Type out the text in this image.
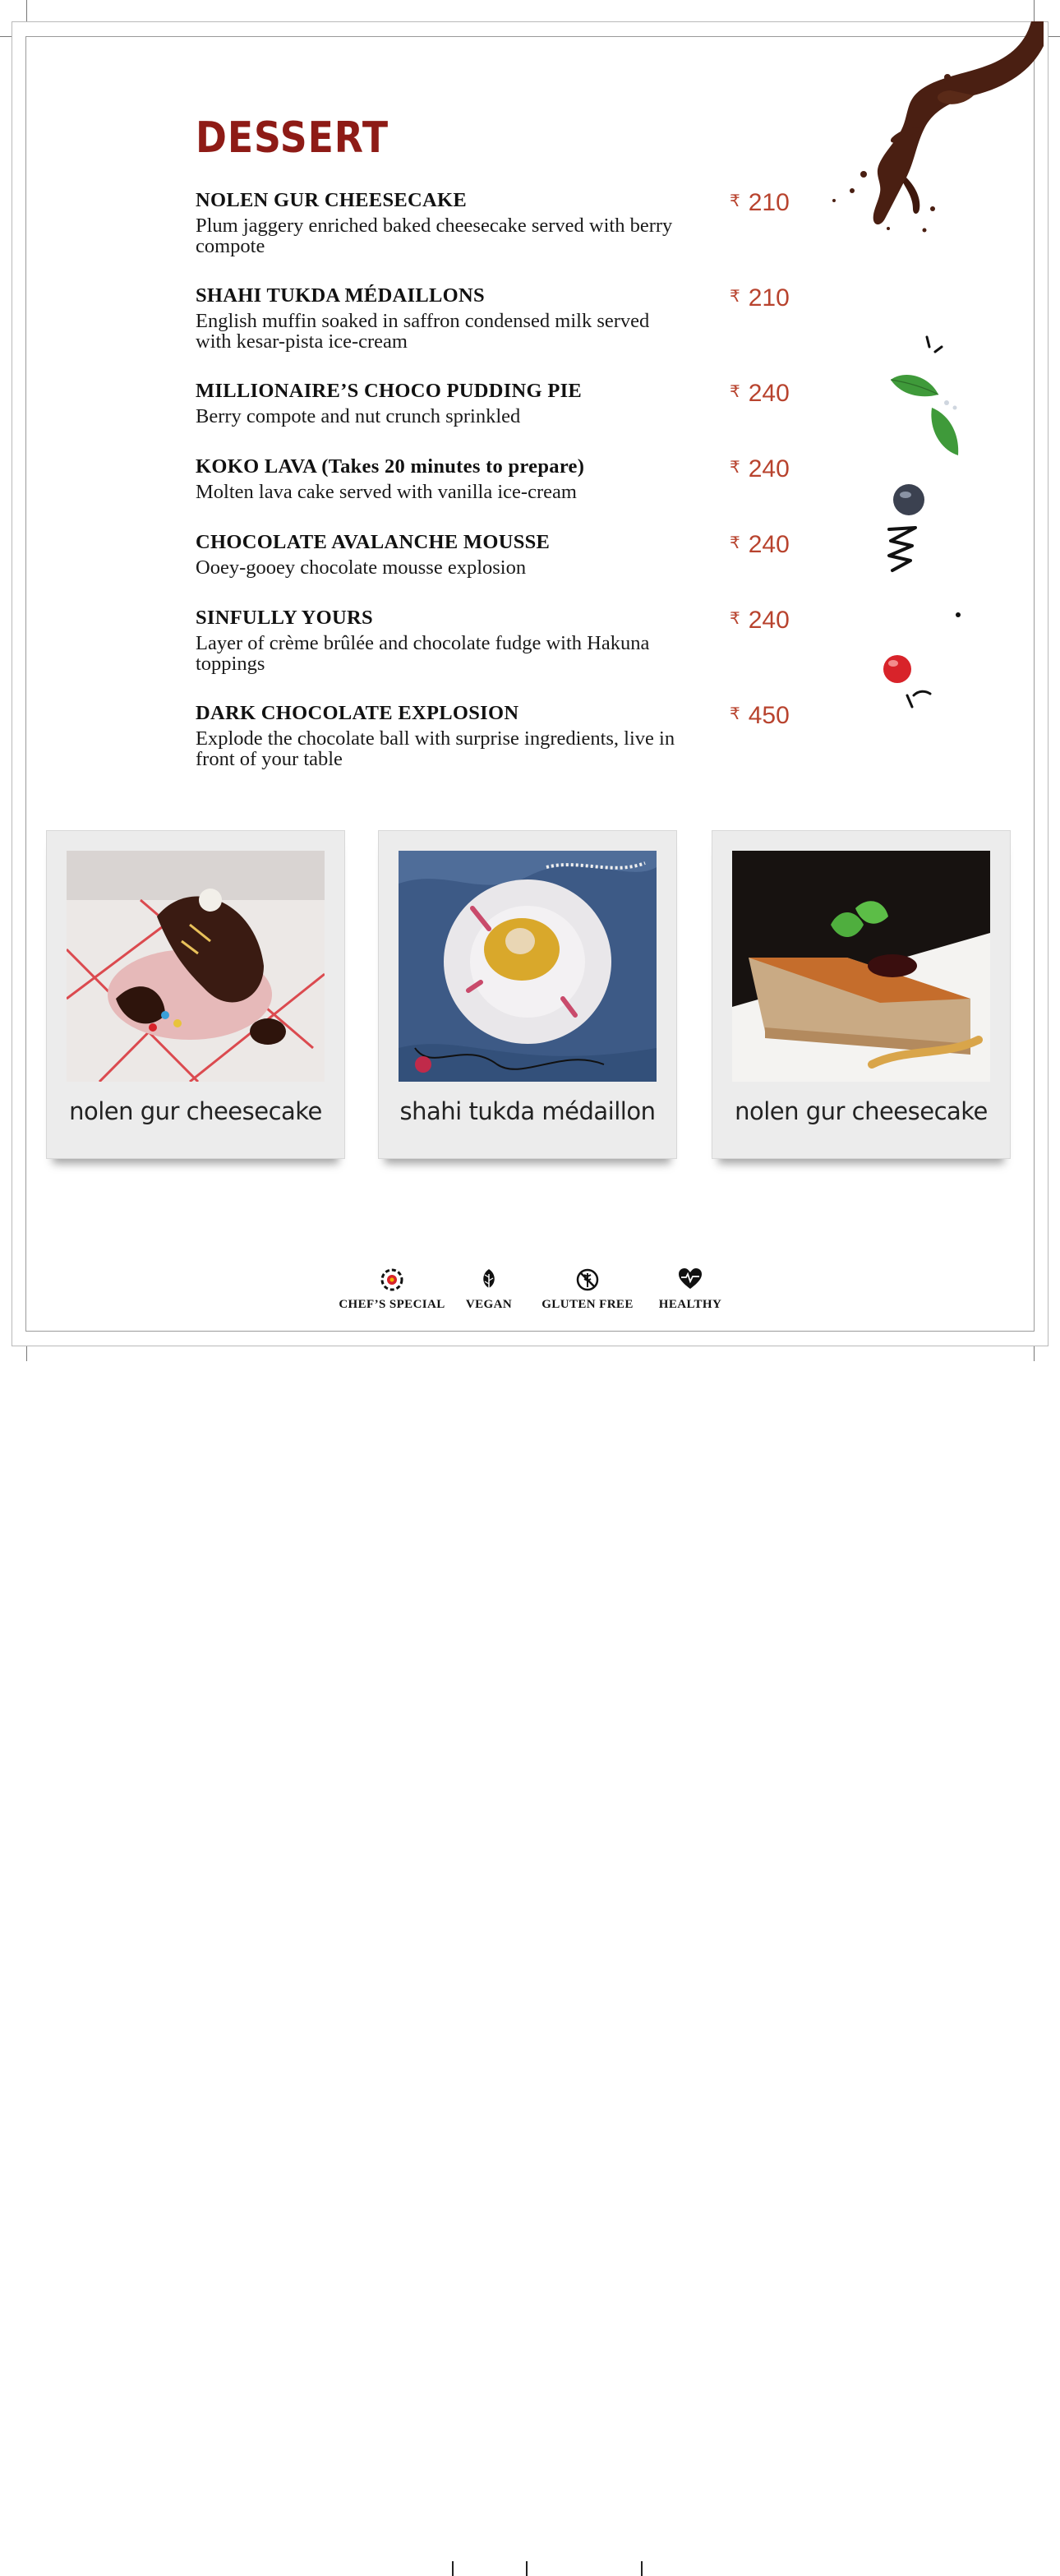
DESSERT

NOLEN GUR CHEESECAKE

Plum jaggery enriched baked cheesecake served with berry compote

₹ 210

SHAHI TUKDA MÉDAILLONS

English muffin soaked in saffron condensed milk served with kesar-pista ice-cream

₹ 210

MILLIONAIRE’S CHOCO PUDDING PIE

Berry compote and nut crunch sprinkled

₹ 240

KOKO LAVA (Takes 20 minutes to prepare)

Molten lava cake served with vanilla ice-cream

₹ 240

CHOCOLATE AVALANCHE MOUSSE

Ooey-gooey chocolate mousse explosion

₹ 240

SINFULLY YOURS

Layer of crème brûlée and chocolate fudge with Hakuna toppings

₹ 240

DARK CHOCOLATE EXPLOSION

Explode the chocolate ball with surprise ingredients, live in front of your table

₹ 450
nolen gur cheesecake	shahi tukda médaillon	nolen gur cheesecake
CHEF’S SPECIAL	VEGAN	GLUTEN FREE	HEALTHY
